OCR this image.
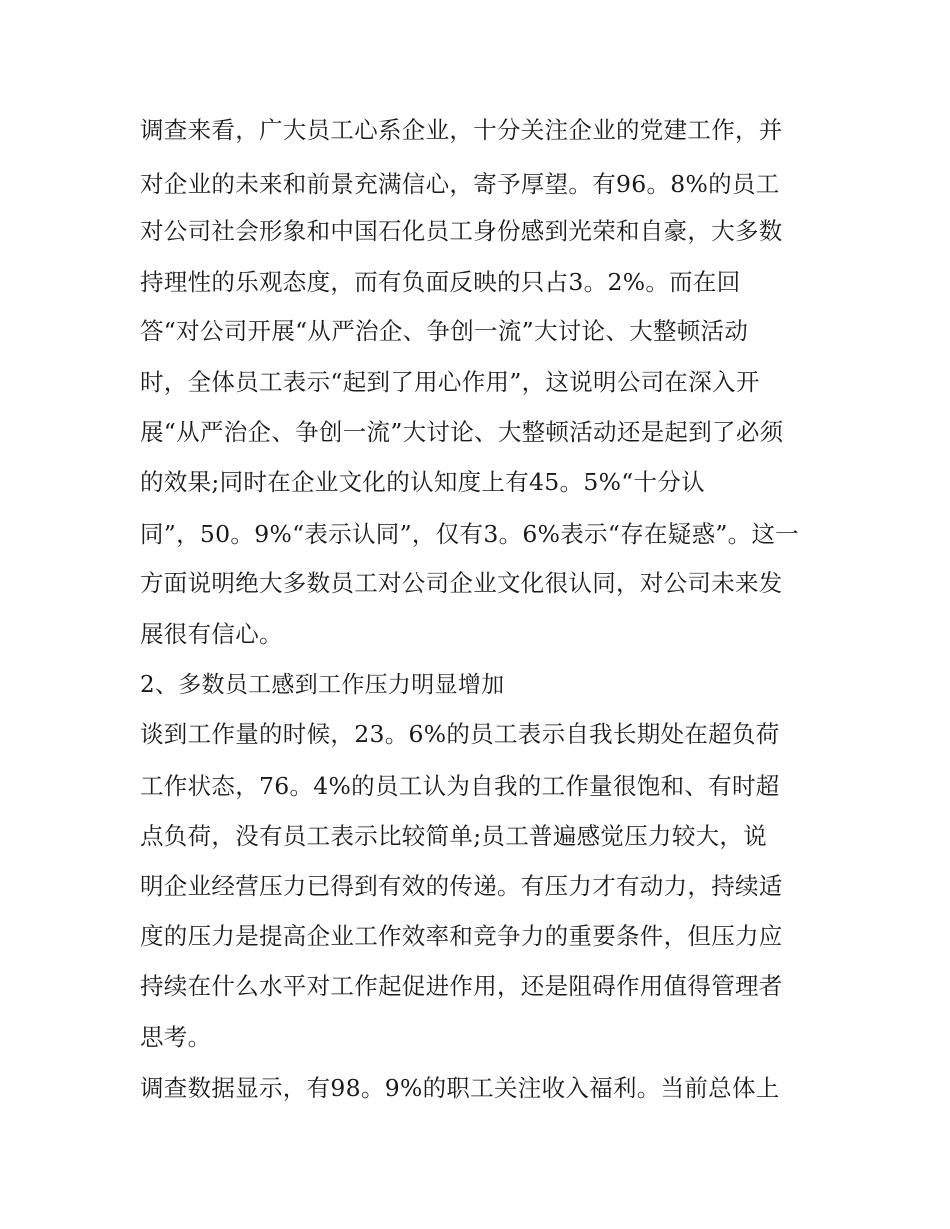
调查来看，广大员工心系企业，十分关注企业的党建工作，并
对企业的未来和前景充满信心，寄予厚望。有96。8%的员工
对公司社会形象和中国石化员工身份感到光荣和自豪，大多数
持理性的乐观态度，而有负面反映的只占3。2%。而在回
答“对公司开展“从严治企、争创一流”大讨论、大整顿活动
时，全体员工表示“起到了用心作用”，这说明公司在深入开
展“从严治企、争创一流”大讨论、大整顿活动还是起到了必须
的效果;同时在企业文化的认知度上有45。5%“十分认
同”，50。9%“表示认同”，仅有3。6%表示“存在疑惑”。这一
方面说明绝大多数员工对公司企业文化很认同，对公司未来发
展很有信心。
2、多数员工感到工作压力明显增加
谈到工作量的时候，23。6%的员工表示自我长期处在超负荷
工作状态，76。4%的员工认为自我的工作量很饱和、有时超
点负荷，没有员工表示比较简单;员工普遍感觉压力较大，说
明企业经营压力已得到有效的传递。有压力才有动力，持续适
度的压力是提高企业工作效率和竞争力的重要条件，但压力应
持续在什么水平对工作起促进作用，还是阻碍作用值得管理者
思考。
调查数据显示，有98。9%的职工关注收入福利。当前总体上
